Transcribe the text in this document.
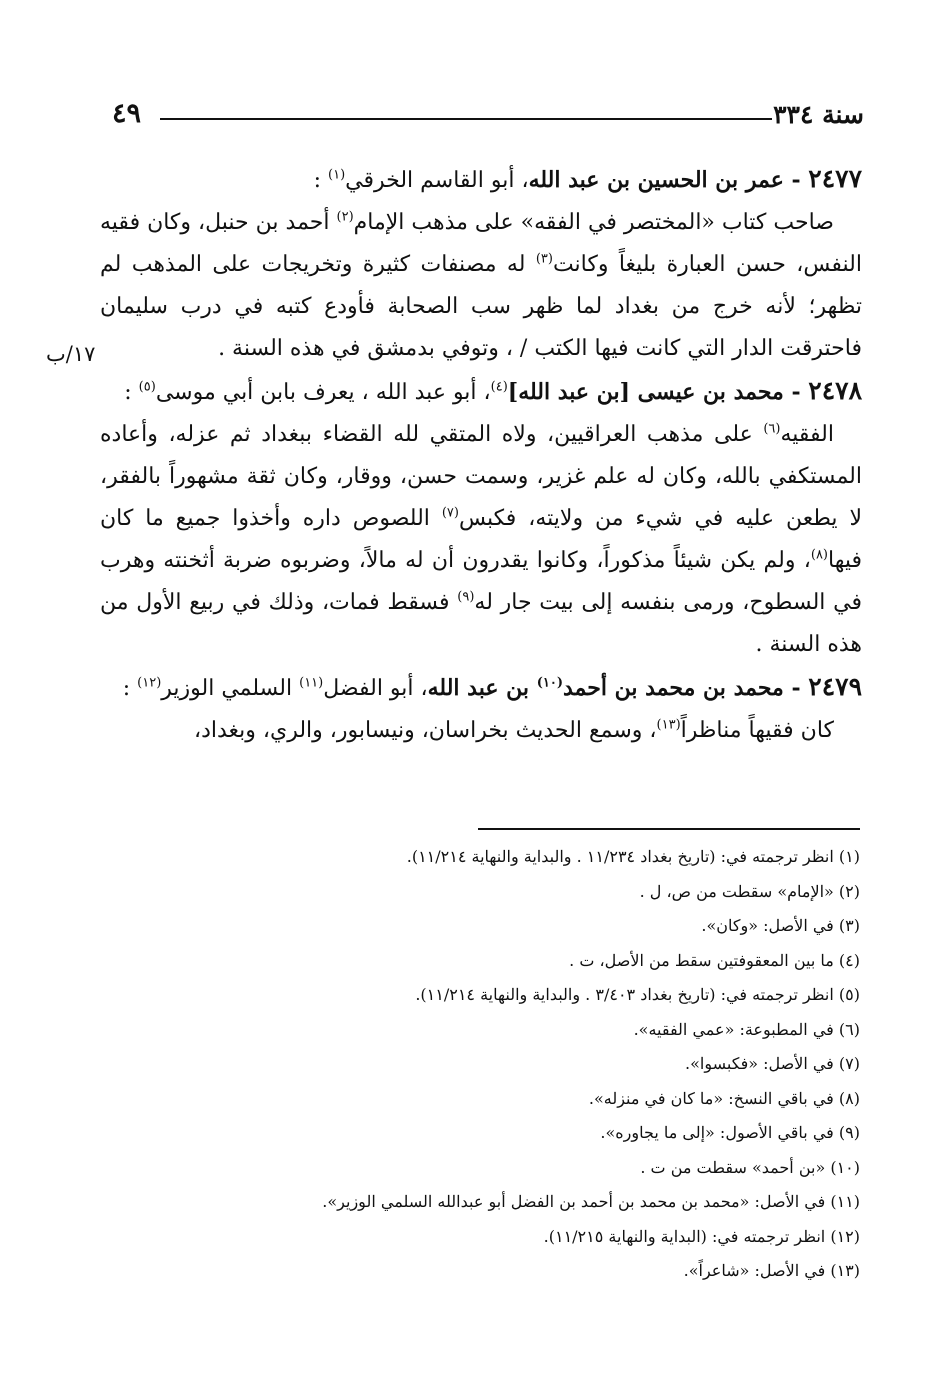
سنة ٣٣٤
٤٩
١٧/ب

٢٤٧٧ - عمر بن الحسين بن عبد الله، أبو القاسم الخرقي$^{(١)}$ :

صاحب كتاب «المختصر في الفقه» على مذهب الإمام$^{(٢)}$ أحمد بن حنبل، وكان فقيه النفس، حسن العبارة بليغاً وكانت$^{(٣)}$ له مصنفات كثيرة وتخريجات على المذهب لم تظهر؛ لأنه خرج من بغداد لما ظهر سب الصحابة فأودع كتبه في درب سليمان فاحترقت الدار التي كانت فيها الكتب / ، وتوفي بدمشق في هذه السنة .

٢٤٧٨ - محمد بن عيسى [بن عبد الله]$^{(٤)}$، أبو عبد الله ، يعرف بابن أبي موسى$^{(٥)}$ :

الفقيه$^{(٦)}$ على مذهب العراقيين، ولاه المتقي لله القضاء ببغداد ثم عزله، وأعاده المستكفي بالله، وكان له علم غزير، وسمت حسن، ووقار، وكان ثقة مشهوراً بالفقر، لا يطعن عليه في شيء من ولايته، فكبس$^{(٧)}$ اللصوص داره وأخذوا جميع ما كان فيها$^{(٨)}$، ولم يكن شيئاً مذكوراً، وكانوا يقدرون أن له مالاً، وضربوه ضربة أثخنته وهرب في السطوح، ورمى بنفسه إلى بيت جار له$^{(٩)}$ فسقط فمات، وذلك في ربيع الأول من هذه السنة .

٢٤٧٩ - محمد بن محمد بن أحمد$^{(١٠)}$ بن عبد الله، أبو الفضل$^{(١١)}$ السلمي الوزير$^{(١٢)}$ :

كان فقيهاً مناظراً$^{(١٣)}$، وسمع الحديث بخراسان، ونيسابور، والري، وبغداد،

(١) انظر ترجمته في: (تاريخ بغداد ١١/٢٣٤ . والبداية والنهاية ١١/٢١٤).
(٢) «الإمام» سقطت من ص، ل .
(٣) في الأصل: «وكان».
(٤) ما بين المعقوفتين سقط من الأصل، ت .
(٥) انظر ترجمته في: (تاريخ بغداد ٣/٤٠٣ . والبداية والنهاية ١١/٢١٤).
(٦) في المطبوعة: «عمي الفقيه».
(٧) في الأصل: «فكبسوا».
(٨) في باقي النسخ: «ما كان في منزله».
(٩) في باقي الأصول: «إلى ما يجاوره».
(١٠) «بن أحمد» سقطت من ت .
(١١) في الأصل: «محمد بن محمد بن أحمد بن الفضل أبو عبدالله السلمي الوزير».
(١٢) انظر ترجمته في: (البداية والنهاية ١١/٢١٥).
(١٣) في الأصل: «شاعراً».
